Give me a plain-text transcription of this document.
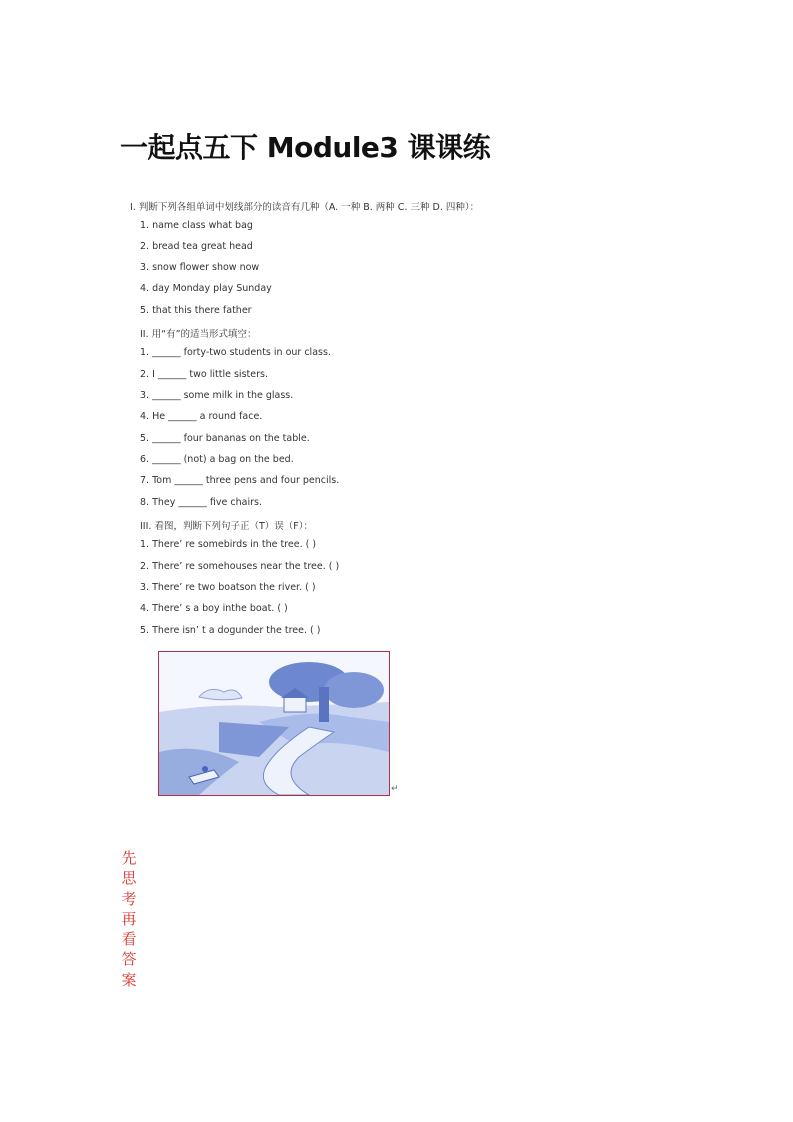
一起点五下 Module3 课课练
I. 判断下列各组单词中划线部分的读音有几种（A. 一种 B. 两种 C. 三种 D. 四种）：
1. name class what bag
2. bread tea great head
3. snow flower show now
4. day Monday play Sunday
5. that this there father
II. 用“有”的适当形式填空：
1. ______ forty-two students in our class.
2. I ______ two little sisters.
3. ______ some milk in the glass.
4. He ______ a round face.
5. ______ four bananas on the table.
6. ______ (not) a bag on the bed.
7. Tom ______ three pens and four pencils.
8. They ______ five chairs.
III. 看图，判断下列句子正（T）误（F）：
1. There’ re somebirds in the tree. ( )
2. There’ re somehouses near the tree. ( )
3. There’ re two boatson the river. ( )
4. There’ s a boy inthe boat. ( )
5. There isn’ t a dogunder the tree. ( )
↵
先
思
考
再
看
答
案
